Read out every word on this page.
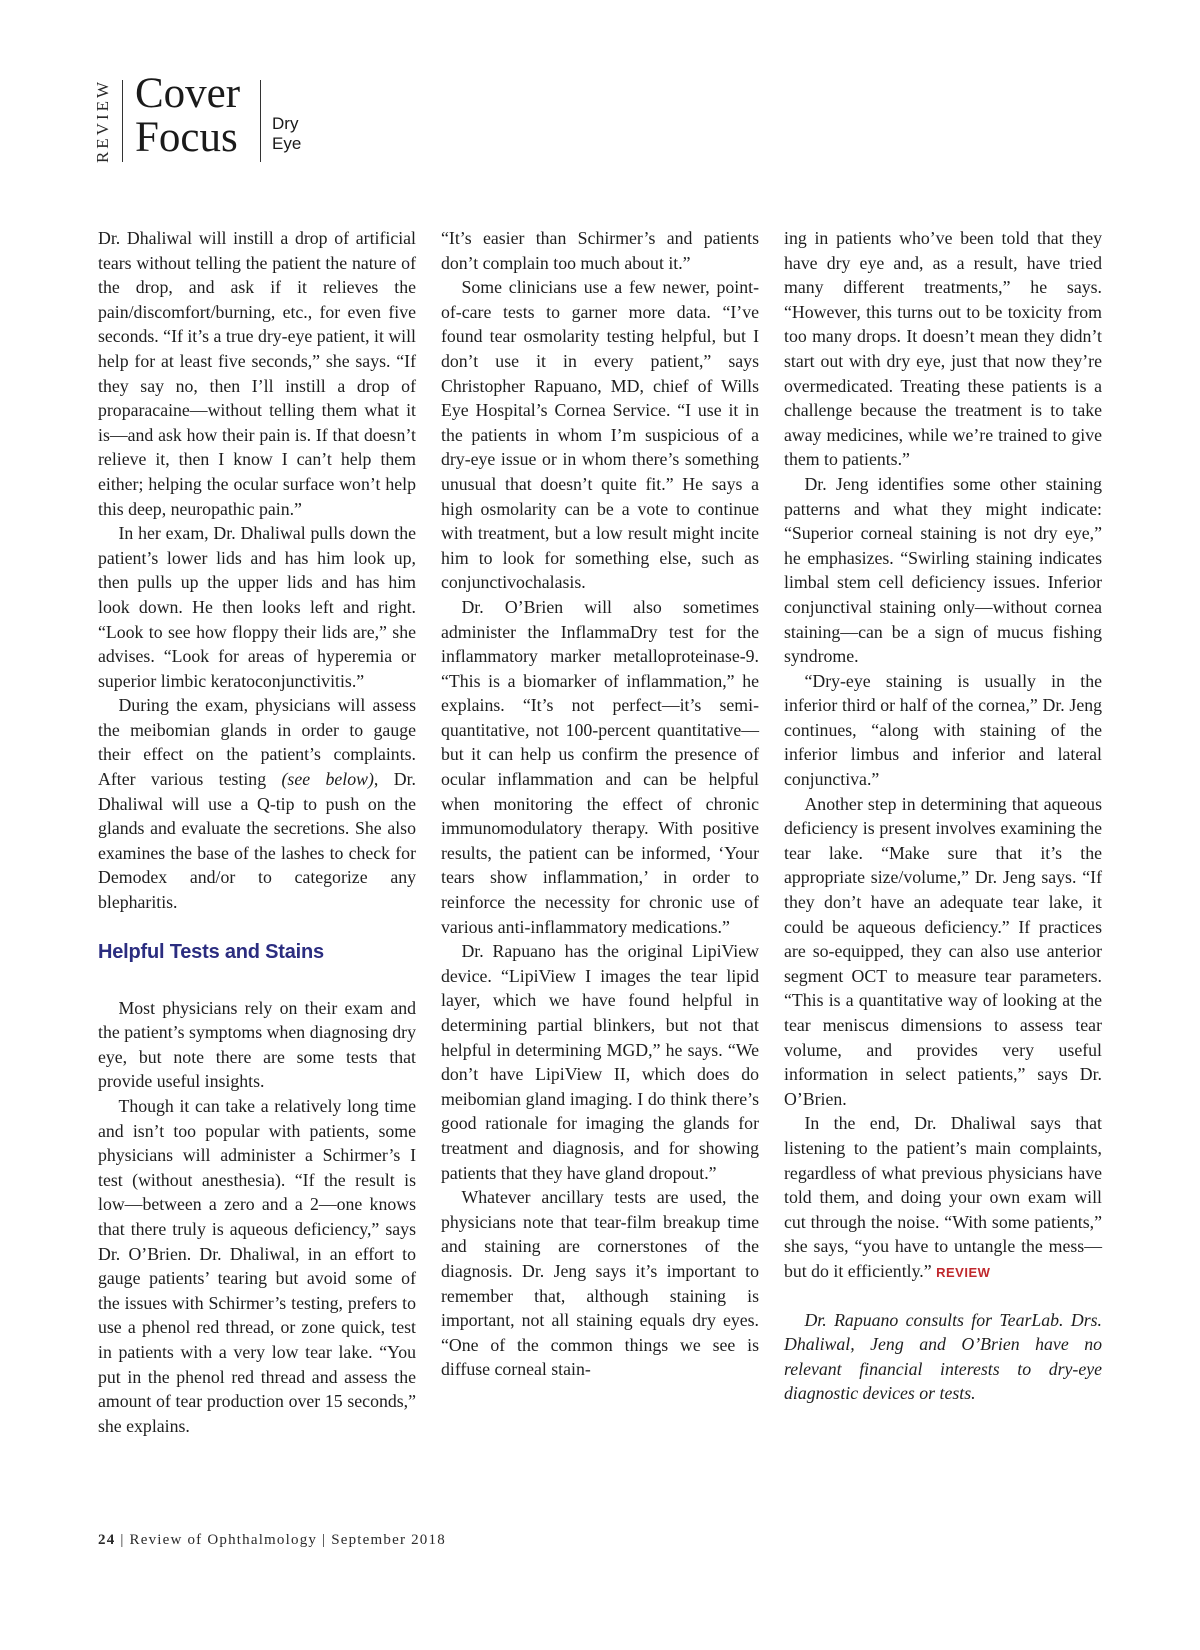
REVIEW Cover
Focus Dry Eye

Dr. Dhaliwal will instill a drop of artificial tears without telling the patient the nature of the drop, and ask if it relieves the pain/discomfort/burning, etc., for even five seconds. “If it’s a true dry-eye patient, it will help for at least five seconds,” she says. “If they say no, then I’ll instill a drop of proparacaine—without telling them what it is—and ask how their pain is. If that doesn’t relieve it, then I know I can’t help them either; helping the ocular surface won’t help this deep, neuropathic pain.”

In her exam, Dr. Dhaliwal pulls down the patient’s lower lids and has him look up, then pulls up the upper lids and has him look down. He then looks left and right. “Look to see how floppy their lids are,” she advises. “Look for areas of hyperemia or superior limbic keratoconjunctivitis.”

During the exam, physicians will assess the meibomian glands in order to gauge their effect on the patient’s complaints. After various testing (see below), Dr. Dhaliwal will use a Q-tip to push on the glands and evaluate the secretions. She also examines the base of the lashes to check for Demodex and/or to categorize any blepharitis.

Helpful Tests and Stains

Most physicians rely on their exam and the patient’s symptoms when diagnosing dry eye, but note there are some tests that provide useful insights.

Though it can take a relatively long time and isn’t too popular with patients, some physicians will administer a Schirmer’s I test (without anesthesia). “If the result is low—between a zero and a 2—one knows that there truly is aqueous deficiency,” says Dr. O’Brien. Dr. Dhaliwal, in an effort to gauge patients’ tearing but avoid some of the issues with Schirmer’s testing, prefers to use a phenol red thread, or zone quick, test in patients with a very low tear lake. “You put in the phenol red thread and assess the amount of tear production over 15 seconds,” she explains.

“It’s easier than Schirmer’s and patients don’t complain too much about it.”

Some clinicians use a few newer, point-of-care tests to garner more data. “I’ve found tear osmolarity testing helpful, but I don’t use it in every patient,” says Christopher Rapuano, MD, chief of Wills Eye Hospital’s Cornea Service. “I use it in the patients in whom I’m suspicious of a dry-eye issue or in whom there’s something unusual that doesn’t quite fit.” He says a high osmolarity can be a vote to continue with treatment, but a low result might incite him to look for something else, such as conjunctivochalasis.

Dr. O’Brien will also sometimes administer the InflammaDry test for the inflammatory marker metalloproteinase-9. “This is a biomarker of inflammation,” he explains. “It’s not perfect—it’s semi-quantitative, not 100-percent quantitative—but it can help us confirm the presence of ocular inflammation and can be helpful when monitoring the effect of chronic immunomodulatory therapy. With positive results, the patient can be informed, ‘Your tears show inflammation,’ in order to reinforce the necessity for chronic use of various anti-inflammatory medications.”

Dr. Rapuano has the original LipiView device. “LipiView I images the tear lipid layer, which we have found helpful in determining partial blinkers, but not that helpful in determining MGD,” he says. “We don’t have LipiView II, which does do meibomian gland imaging. I do think there’s good rationale for imaging the glands for treatment and diagnosis, and for showing patients that they have gland dropout.”

Whatever ancillary tests are used, the physicians note that tear-film breakup time and staining are cornerstones of the diagnosis. Dr. Jeng says it’s important to remember that, although staining is important, not all staining equals dry eyes. “One of the common things we see is diffuse corneal stain-

ing in patients who’ve been told that they have dry eye and, as a result, have tried many different treatments,” he says. “However, this turns out to be toxicity from too many drops. It doesn’t mean they didn’t start out with dry eye, just that now they’re overmedicated. Treating these patients is a challenge because the treatment is to take away medicines, while we’re trained to give them to patients.”

Dr. Jeng identifies some other staining patterns and what they might indicate: “Superior corneal staining is not dry eye,” he emphasizes. “Swirling staining indicates limbal stem cell deficiency issues. Inferior conjunctival staining only—without cornea staining—can be a sign of mucus fishing syndrome.

“Dry-eye staining is usually in the inferior third or half of the cornea,” Dr. Jeng continues, “along with staining of the inferior limbus and inferior and lateral conjunctiva.”

Another step in determining that aqueous deficiency is present involves examining the tear lake. “Make sure that it’s the appropriate size/volume,” Dr. Jeng says. “If they don’t have an adequate tear lake, it could be aqueous deficiency.” If practices are so-equipped, they can also use anterior segment OCT to measure tear parameters. “This is a quantitative way of looking at the tear meniscus dimensions to assess tear volume, and provides very useful information in select patients,” says Dr. O’Brien.

In the end, Dr. Dhaliwal says that listening to the patient’s main complaints, regardless of what previous physicians have told them, and doing your own exam will cut through the noise. “With some patients,” she says, “you have to untangle the mess—but do it efficiently.” REVIEW

Dr. Rapuano consults for TearLab. Drs. Dhaliwal, Jeng and O’Brien have no relevant financial interests to dry-eye diagnostic devices or tests.

24 | Review of Ophthalmology | September 2018
